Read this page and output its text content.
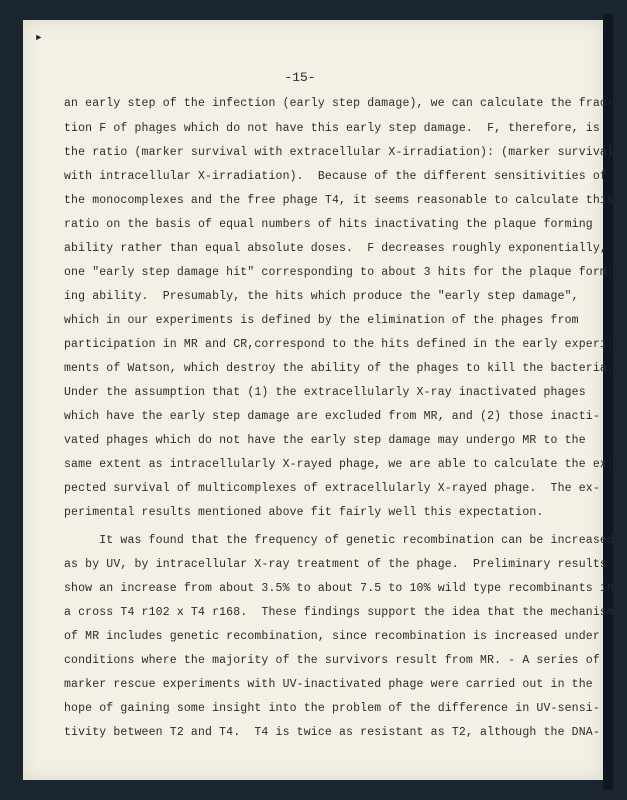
►
-15-
an early step of the infection (early step damage), we can calculate the frac-
tion F of phages which do not have this early step damage.  F, therefore, is
the ratio (marker survival with extracellular X-irradiation): (marker survival
with intracellular X-irradiation).  Because of the different sensitivities of
the monocomplexes and the free phage T4, it seems reasonable to calculate this
ratio on the basis of equal numbers of hits inactivating the plaque forming
ability rather than equal absolute doses.  F decreases roughly exponentially,
one "early step damage hit" corresponding to about 3 hits for the plaque form-
ing ability.  Presumably, the hits which produce the "early step damage",
which in our experiments is defined by the elimination of the phages from
participation in MR and CR,correspond to the hits defined in the early experi-
ments of Watson, which destroy the ability of the phages to kill the bacteria.
Under the assumption that (1) the extracellularly X-ray inactivated phages
which have the early step damage are excluded from MR, and (2) those inacti-
vated phages which do not have the early step damage may undergo MR to the
same extent as intracellularly X-rayed phage, we are able to calculate the ex-
pected survival of multicomplexes of extracellularly X-rayed phage.  The ex-
perimental results mentioned above fit fairly well this expectation.
It was found that the frequency of genetic recombination can be increased
as by UV, by intracellular X-ray treatment of the phage.  Preliminary results
show an increase from about 3.5% to about 7.5 to 10% wild type recombinants in
a cross T4 r102 x T4 r168.  These findings support the idea that the mechanism
of MR includes genetic recombination, since recombination is increased under
conditions where the majority of the survivors result from MR. - A series of
marker rescue experiments with UV-inactivated phage were carried out in the
hope of gaining some insight into the problem of the difference in UV-sensi-
tivity between T2 and T4.  T4 is twice as resistant as T2, although the DNA-
